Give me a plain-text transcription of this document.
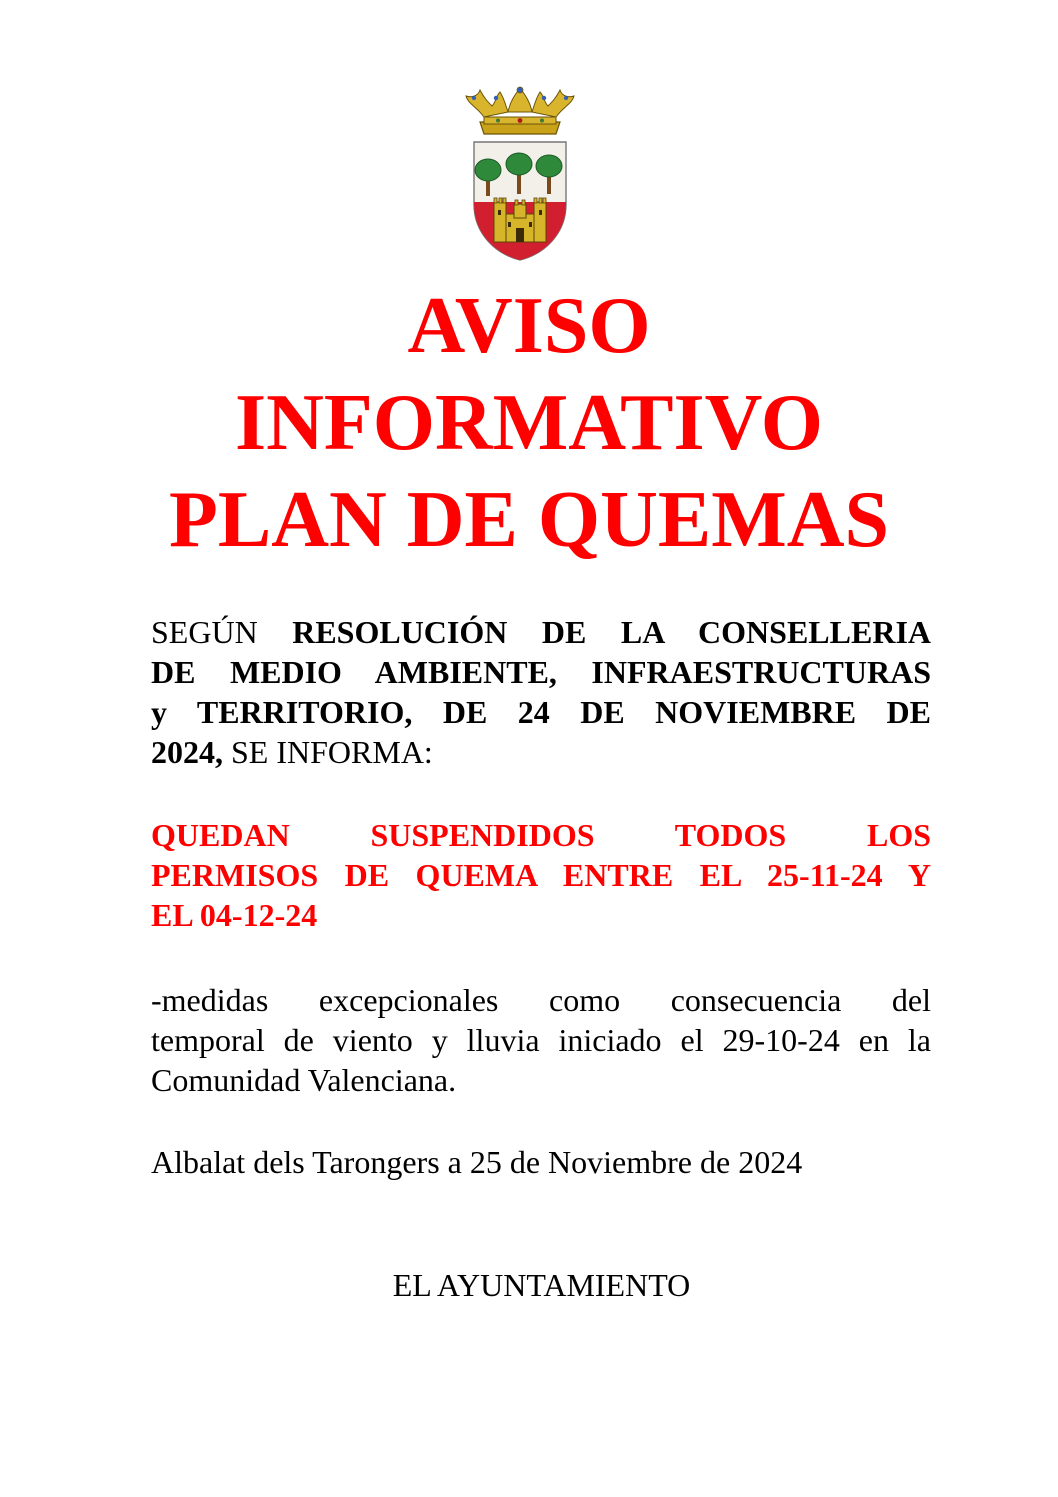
AVISO
INFORMATIVO
PLAN DE QUEMAS
SEGÚN RESOLUCIÓN DE LA CONSELLERIA
DE MEDIO AMBIENTE, INFRAESTRUCTURAS
y TERRITORIO, DE 24 DE NOVIEMBRE DE
2024, SE INFORMA:
QUEDAN SUSPENDIDOS TODOS LOS
PERMISOS DE QUEMA ENTRE EL 25-11-24 Y
EL 04-12-24
-medidas excepcionales como consecuencia del
temporal de viento y lluvia iniciado el 29-10-24 en la
Comunidad Valenciana.

Albalat dels Tarongers a 25 de Noviembre de 2024

EL AYUNTAMIENTO
